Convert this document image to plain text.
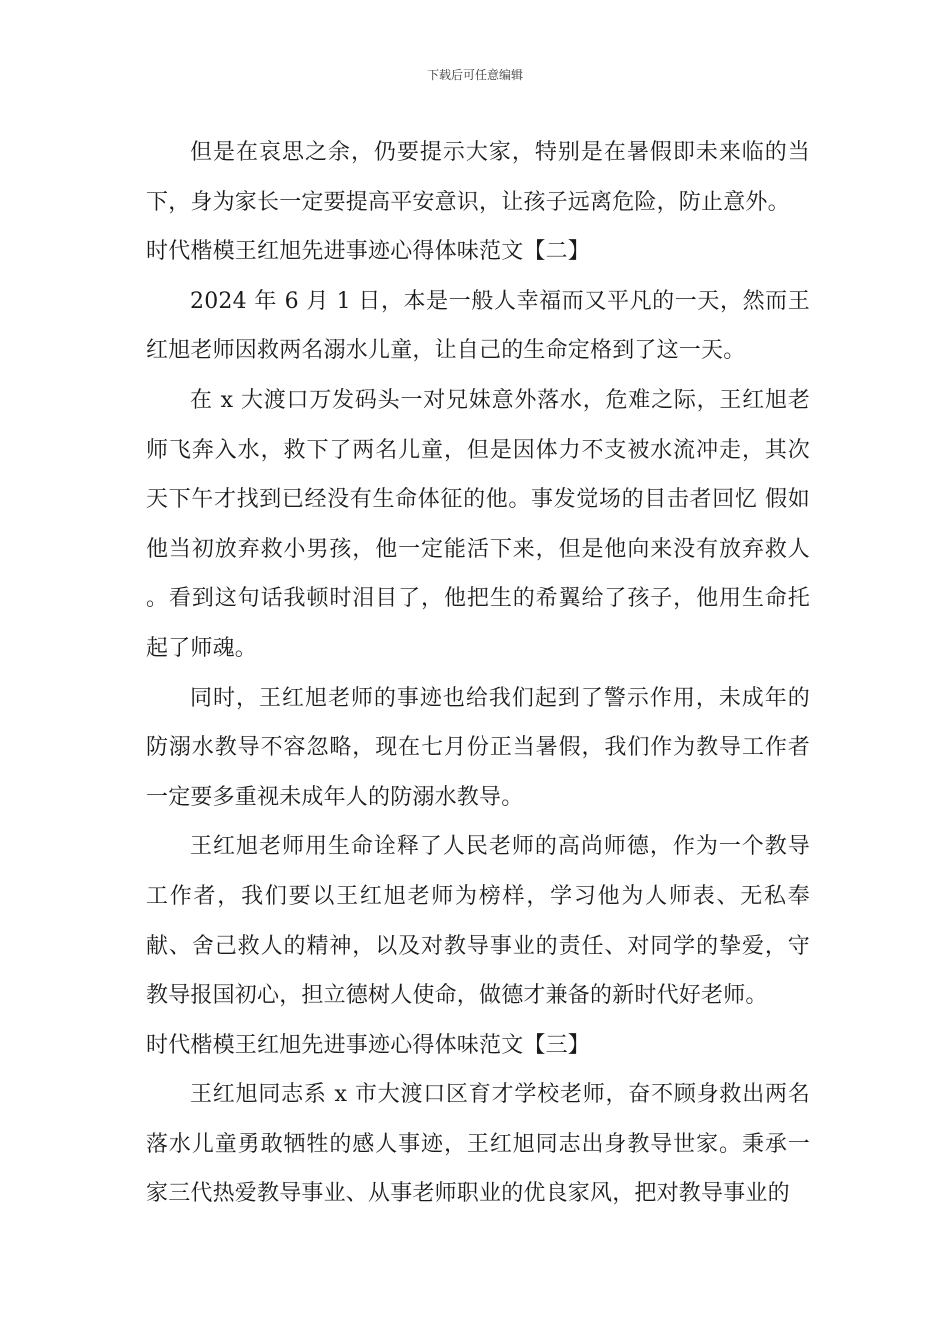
下载后可任意编辑

但是在哀思之余，仍要提示大家，特别是在暑假即未来临的当下，身为家长一定要提高平安意识，让孩子远离危险，防止意外。

时代楷模王红旭先进事迹心得体味范文【二】

2024 年 6 月 1 日，本是一般人幸福而又平凡的一天，然而王红旭老师因救两名溺水儿童，让自己的生命定格到了这一天。

在 x 大渡口万发码头一对兄妹意外落水，危难之际，王红旭老师飞奔入水，救下了两名儿童，但是因体力不支被水流冲走，其次天下午才找到已经没有生命体征的他。事发觉场的目击者回忆 假如他当初放弃救小男孩，他一定能活下来，但是他向来没有放弃救人 。看到这句话我顿时泪目了，他把生的希翼给了孩子，他用生命托起了师魂。

同时，王红旭老师的事迹也给我们起到了警示作用，未成年的防溺水教导不容忽略，现在七月份正当暑假，我们作为教导工作者一定要多重视未成年人的防溺水教导。

王红旭老师用生命诠释了人民老师的高尚师德，作为一个教导工作者，我们要以王红旭老师为榜样，学习他为人师表、无私奉献、舍己救人的精神，以及对教导事业的责任、对同学的挚爱，守教导报国初心，担立德树人使命，做德才兼备的新时代好老师。

时代楷模王红旭先进事迹心得体味范文【三】

王红旭同志系 x 市大渡口区育才学校老师，奋不顾身救出两名落水儿童勇敢牺牲的感人事迹，王红旭同志出身教导世家。秉承一家三代热爱教导事业、从事老师职业的优良家风，把对教导事业的
